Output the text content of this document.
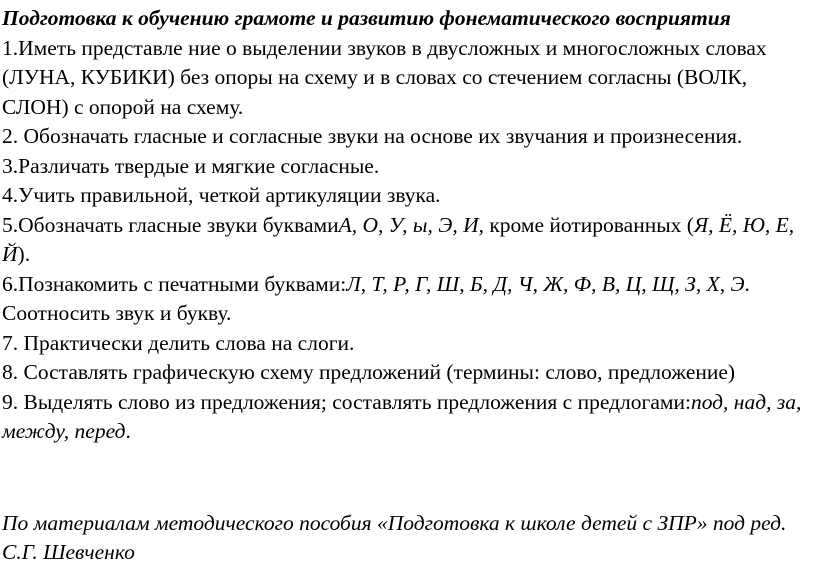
Подготовка к обучению грамоте и развитию фонематического восприятия
1.Иметь представле ние о выделении звуков в двусложных и многосложных словах (ЛУНА, КУБИКИ) без опоры на схему и в словах со стечением согласны (ВОЛК, СЛОН) с опорой на схему.
2. Обозначать гласные и согласные звуки на основе их звучания и произнесения.
3.Различать твердые и мягкие согласные.
4.Учить правильной, четкой артикуляции звука.
5.Обозначать гласные звуки буквамиА, О, У, ы, Э, И, кроме йотированных (Я, Ё, Ю, Е, Й).
6.Познакомить с печатными буквами:Л, Т, Р, Г, Ш, Б, Д, Ч, Ж, Ф, В, Ц, Щ, З, Х, Э. Соотносить звук и букву.
7. Практически делить слова на слоги.
8. Составлять графическую схему предложений (термины: слово, предложение)
9. Выделять слово из предложения; составлять предложения с предлогами:под, над, за, между, перед.
По материалам методического пособия «Подготовка к школе детей с ЗПР» под ред. С.Г. Шевченко
